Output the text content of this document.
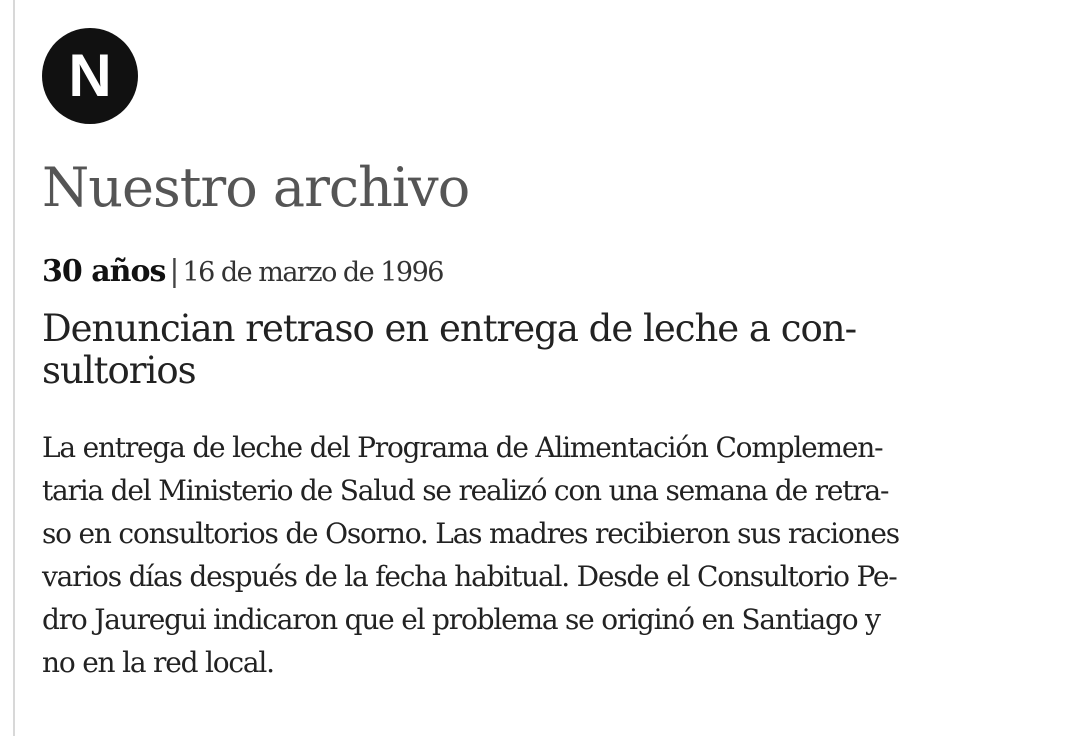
N
Nuestro archivo
30 años | 16 de marzo de 1996
Denuncian retraso en entrega de leche a con-
sultorios

La entrega de leche del Programa de Alimentación Complemen-
taria del Ministerio de Salud se realizó con una semana de retra-
so en consultorios de Osorno. Las madres recibieron sus raciones
varios días después de la fecha habitual. Desde el Consultorio Pe-
dro Jauregui indicaron que el problema se originó en Santiago y
no en la red local.
